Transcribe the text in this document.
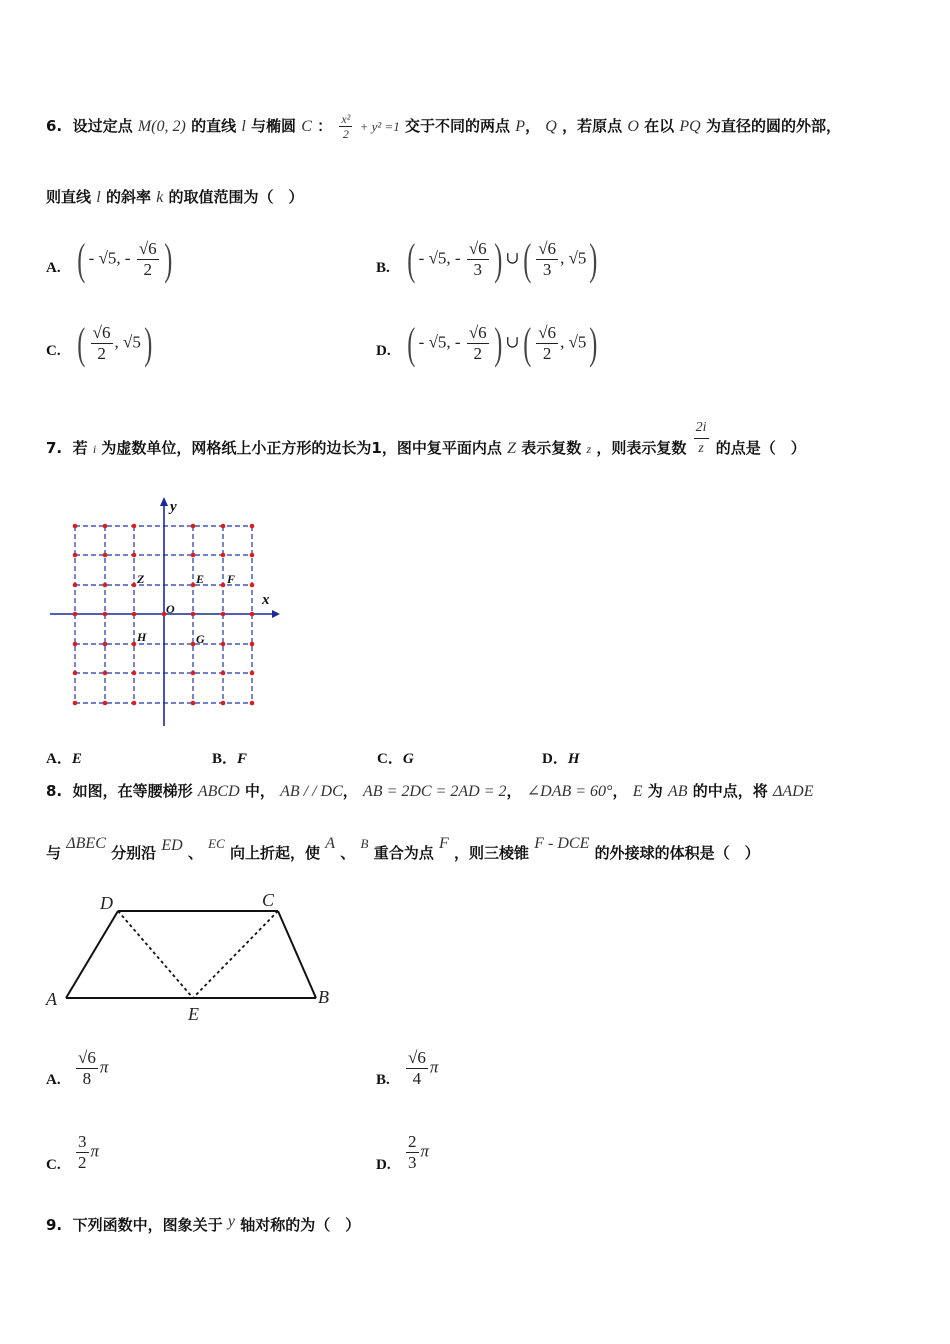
6. 设过定点 M(0, 2) 的直线 l 与椭圆 C ： $\frac{\text{x²}}{2} + y^2 =1$ 交于不同的两点 P， Q ，若原点 O 在以 PQ 为直径的圆的外部，
则直线 l 的斜率 k 的取值范围为（　）
A. ( - √5, - $\frac{√6}{2}$ )	B. ( - √5, - $\frac{√6}{3}$ ) ∪( $\frac{√6}{3}$ , √5)
C. ( $\frac{√6}{2}$ , √5)	D. ( - √5, - $\frac{√6}{2}$ ) ∪( $\frac{√6}{2}$ , √5)
7. 若 i 为虚数单位，网格纸上小正方形的边长为1，图中复平面内点 Z 表示复数 z ，则表示复数 $\frac{2i}{z}$ 的点是（　）
y
x
O
Z	E F
H	G
A．E	B．F	C．G	D．H
8. 如图，在等腰梯形 ABCD 中， AB / / DC， AB = 2DC = 2AD = 2， ∠DAB = 60°， E 为 AB 的中点，将 ΔADE
与 ΔBEC 分别沿 ED 、 EC 向上折起，使 A 、 B 重合为点 F ，则三棱锥 F - DCE 的外接球的体积是（　）
D	C
A	B
E
A. $\frac{√6}{8}$ π
B. $\frac{√6}{4}$ π
C. $\frac{3}{2}$ π
D. $\frac{2}{3}$ π
9. 下列函数中，图象关于 y 轴对称的为（　）
